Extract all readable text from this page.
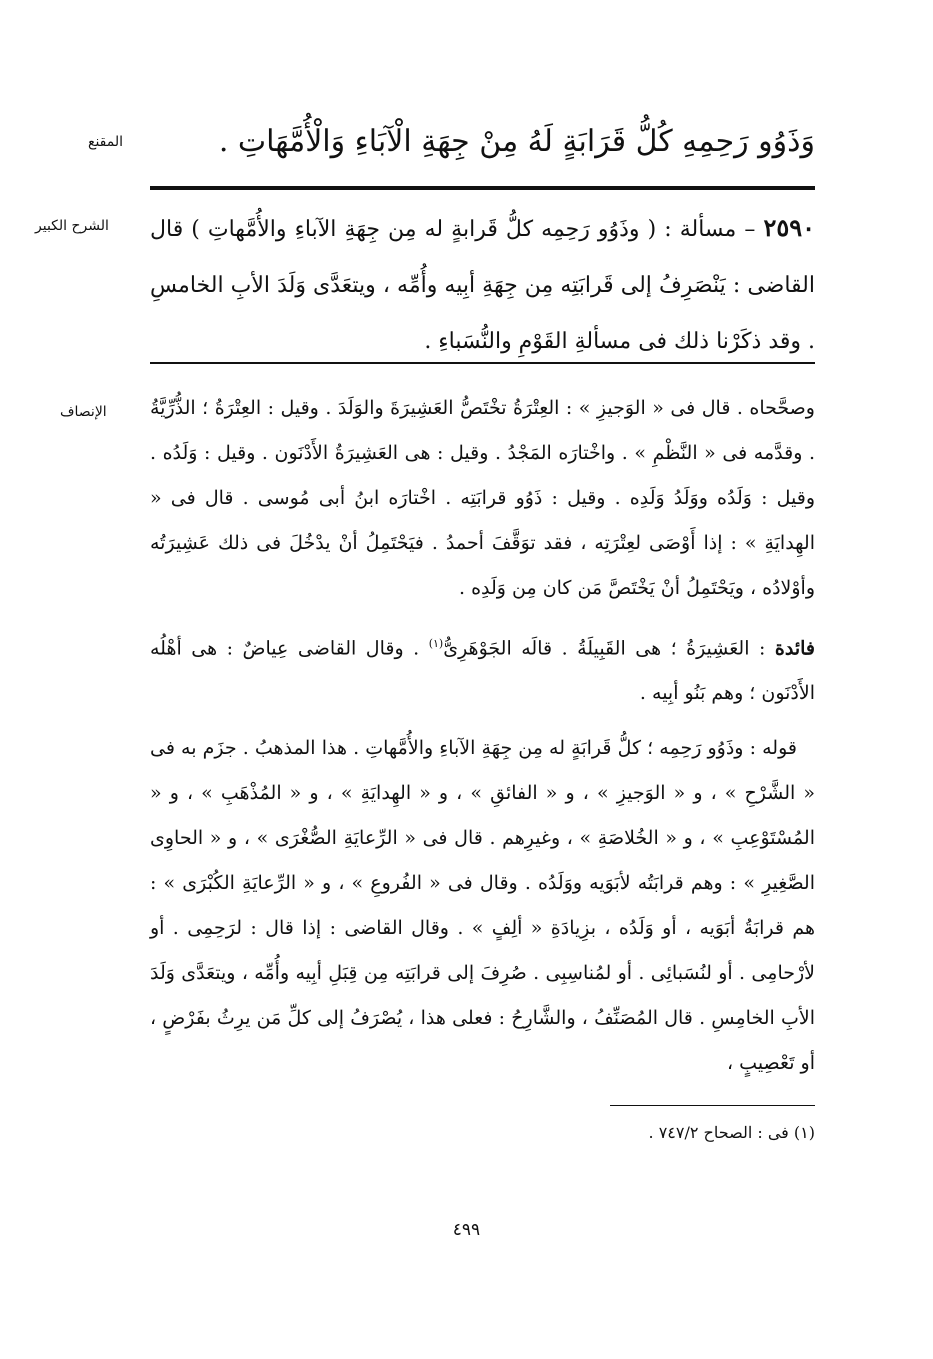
المقنع
الشرح الكبير
الإنصاف
وَذَوُو رَحِمِهِ كُلُّ قَرَابَةٍ لَهُ مِنْ جِهَةِ الْآبَاءِ وَالْأُمَّهَاتِ .
٢٥٩٠ – مسألة : ( وذَوُو رَحِمِه كلُّ قَرابةٍ له مِن جِهَةِ الآباءِ والأُمَّهاتِ ) قال القاضى : يَنْصَرِفُ إلى قَرابَتِه مِن جِهَةِ أبِيه وأُمِّه ، ويتعَدَّى وَلَدَ الأبِ الخامسِ . وقد ذكَرْنا ذلك فى مسألةِ القَوْمِ والنُّسَباءِ .

وصحَّحاه . قال فى « الوَجيزِ » : العِتْرَةُ تخْتَصُّ العَشِيرَةَ والوَلَدَ . وقيل : العِتْرَةُ ؛ الذُّرِّيَّةُ . وقدَّمه فى « النَّظْمِ » . واخْتارَه المَجْدُ . وقيل : هى العَشِيرَةُ الأَدْنَون . وقيل : وَلَدُه . وقيل : وَلَدُه ووَلَدُ وَلَدِه . وقيل : ذَوُو قرابَتِه . اخْتارَه ابنُ أبى مُوسى . قال فى « الهِدايَةِ » : إذا أَوْصَى لعِتْرَتِه ، فقد توَقَّفَ أحمدُ . فيَحْتَمِلُ أنْ يدْخُلَ فى ذلك عَشِيرَتُه وأوْلادُه ، ويَحْتَمِلُ أنْ يَخْتَصَّ مَن كان مِن وَلَدِه .

فائدة : العَشِيرَةُ ؛ هى القَبِيلَةُ . قالَه الجَوْهَرِىُّ$^{(١)}$ . وقال القاضى عِياضٌ : هى أهْلُه الأَدْنَون ؛ وهم بَنُو أبِيه .

قوله : وذَوُو رَحِمِه ؛ كلُّ قَرابَةٍ له مِن جِهَةِ الآباءِ والأُمَّهاتِ . هذا المذهبُ . جزَم به فى « الشَّرْحِ » ، و « الوَجيزِ » ، و « الفائقِ » ، و « الهِدايَةِ » ، و « المُذْهَبِ » ، و « المُسْتَوْعِبِ » ، و « الخُلاصَةِ » ، وغيرِهم . قال فى « الرِّعايَةِ الصُّغْرَى » ، و « الحاوِى الصَّغِيرِ » : وهم قرابَتُه لأبَوَيه ووَلَدُه . وقال فى « الفُروعِ » ، و « الرِّعايَةِ الكُبْرَى » : هم قرابَةُ أبَوَيه ، أو وَلَدُه ، بزِيادَةِ « ألِفٍ » . وقال القاضى : إذا قال : لرَحِمِى . أو لأرْحامِى . أو لنُسَبائِى . أو لمُناسِبِى . صُرِفَ إلى قرابَتِه مِن قِبَلِ أبِيه وأُمِّه ، ويتعَدَّى وَلَدَ الأبِ الخامِسِ . قال المُصَنِّفُ ، والشَّارِحُ : فعلى هذا ، يُصْرَفُ إلى كلِّ مَن يرِثُ بفَرْضٍ ، أو تَعْصِيبٍ ،

(١) فى : الصحاح ٧٤٧/٢ .
٤٩٩
